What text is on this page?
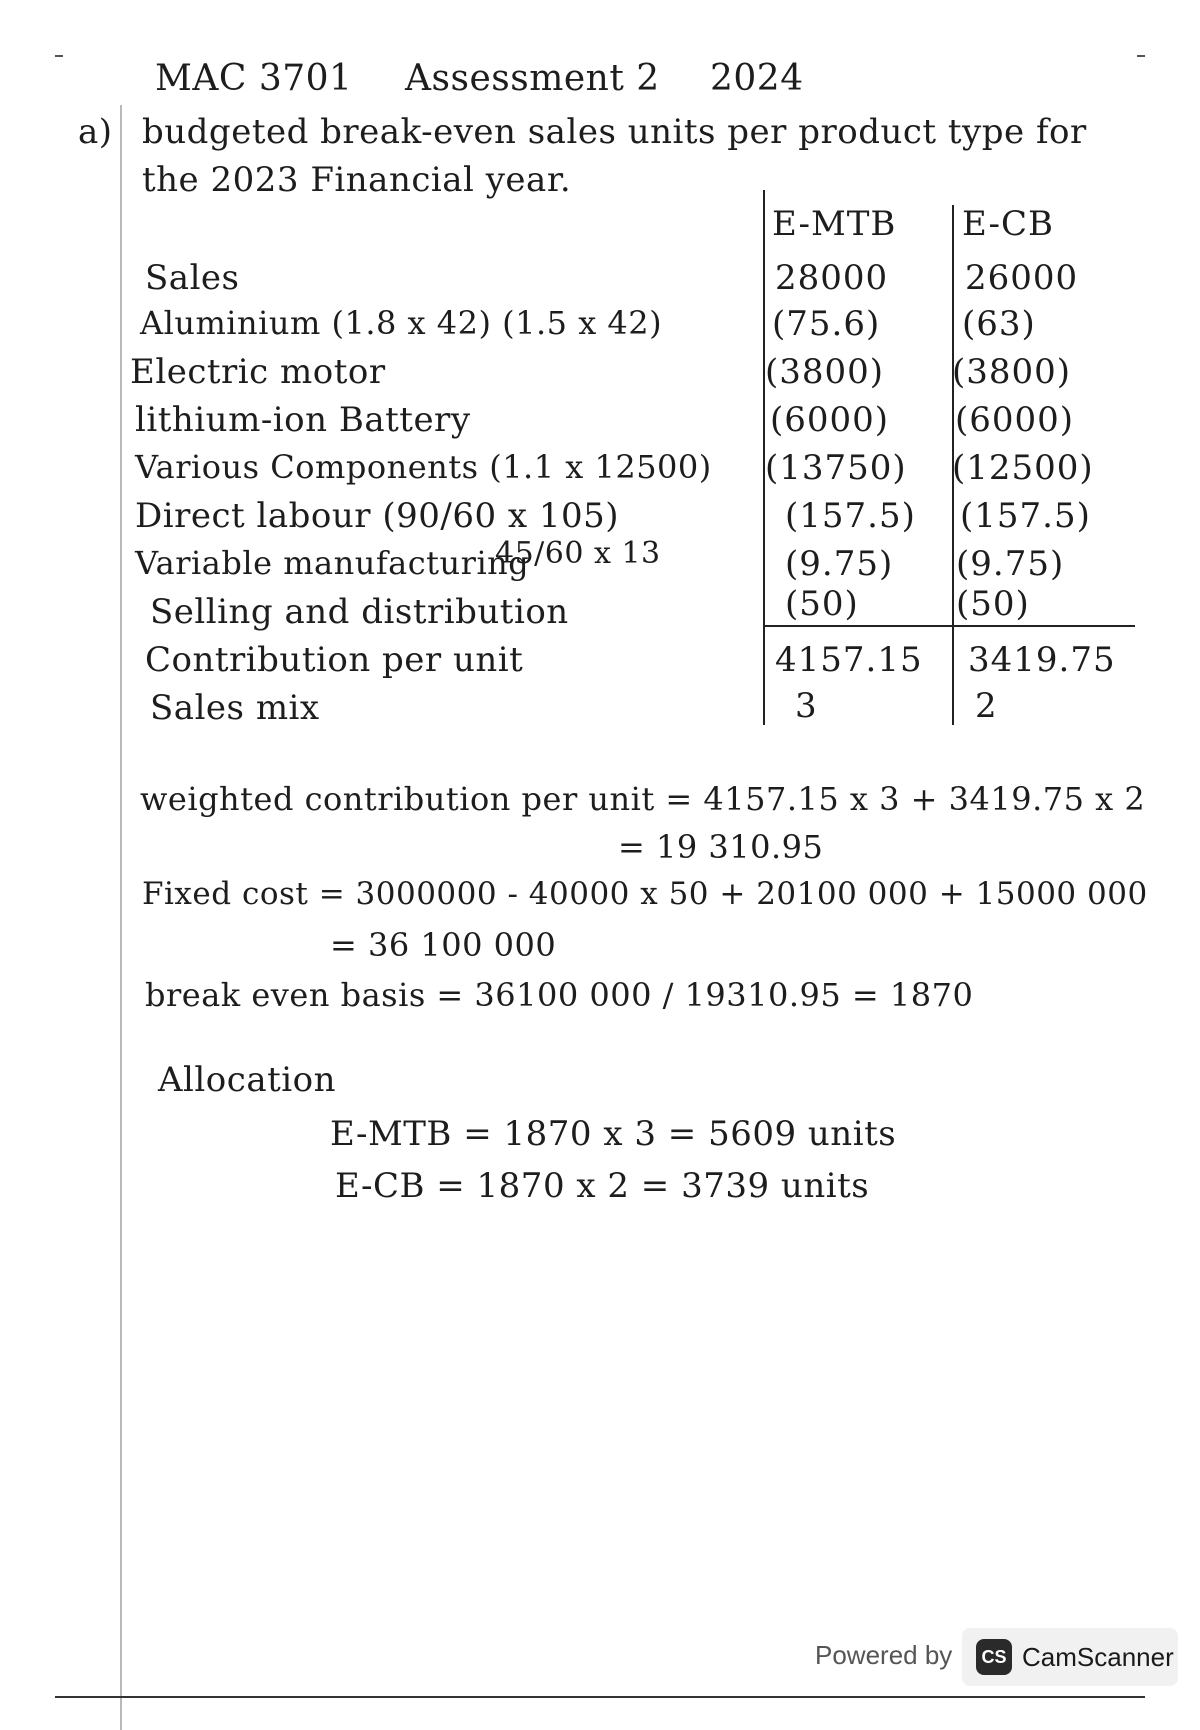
MAC 3701 Assessment 2 2024
a) budgeted break-even sales units per product type for
the 2023 Financial year.
E-MTB E-CB
Sales
Aluminium (1.8 x 42) (1.5 x 42)
Electric motor
lithium-ion Battery
Various Components (1.1 x 12500)
Direct labour (90/60 x 105)
Variable manufacturing
45/60 x 13
Selling and distribution
Contribution per unit
Sales mix
28000
(75.6)
(3800)
(6000)
(13750)
(157.5)
(9.75)
(50)
4157.15
3
26000
(63)
(3800)
(6000)
(12500)
(157.5)
(9.75)
(50)
3419.75
2
weighted contribution per unit = 4157.15 x 3 + 3419.75 x 2
= 19 310.95
Fixed cost = 3000000 - 40000 x 50 + 20100 000 + 15000 000
= 36 100 000
break even basis = 36100 000 / 19310.95 = 1870
Allocation
E-MTB = 1870 x 3 = 5609 units
E-CB = 1870 x 2 = 3739 units
Powered by	CS CamScanner
